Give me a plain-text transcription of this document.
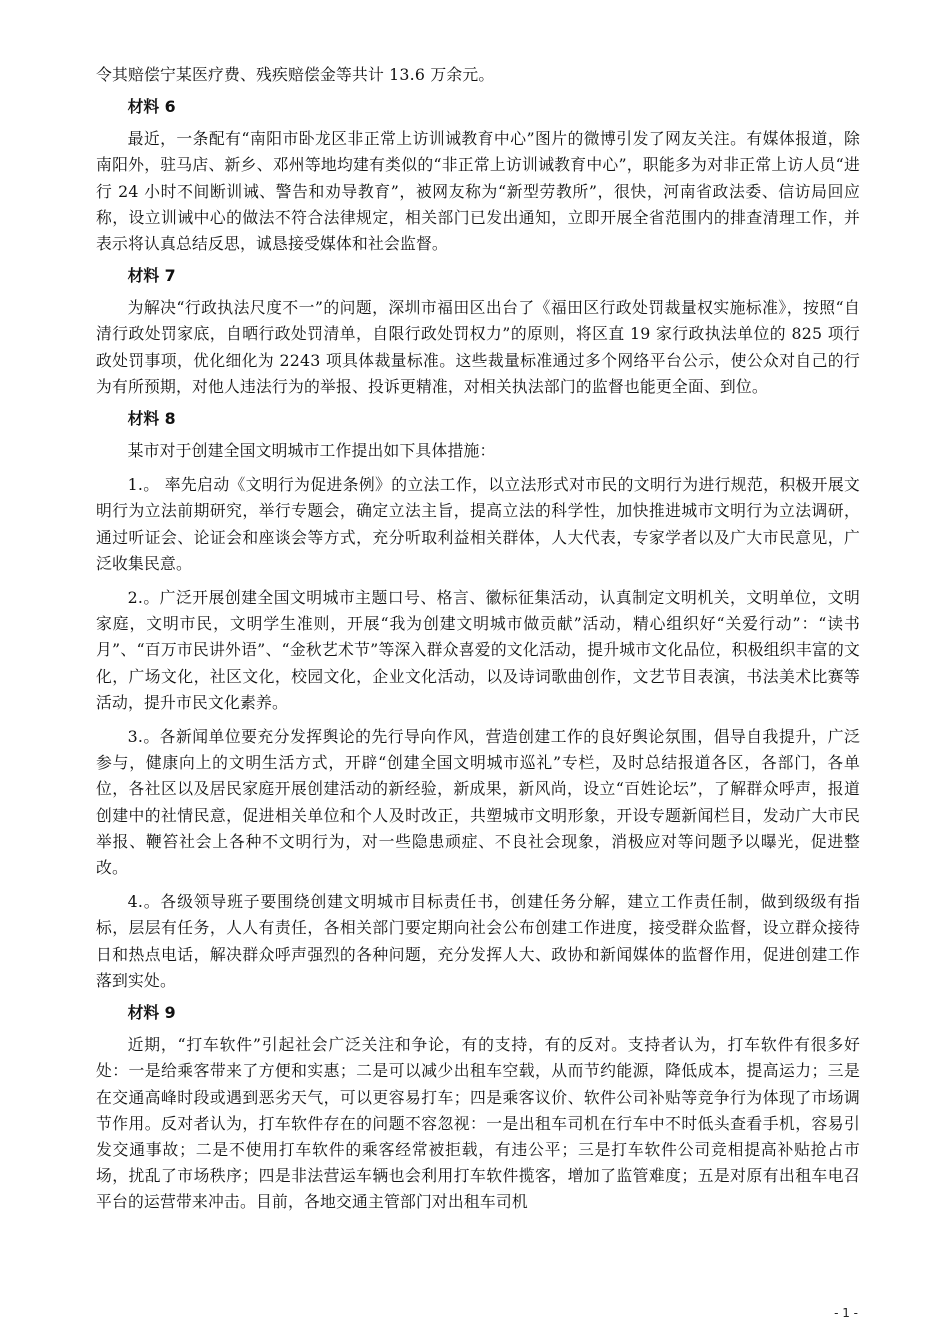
令其赔偿宁某医疗费、残疾赔偿金等共计 13.6 万余元。

材料 6

最近，一条配有“南阳市卧龙区非正常上访训诫教育中心”图片的微博引发了网友关注。有媒体报道，除南阳外，驻马店、新乡、邓州等地均建有类似的“非正常上访训诫教育中心”，职能多为对非正常上访人员“进行 24 小时不间断训诫、警告和劝导教育”，被网友称为“新型劳教所”，很快，河南省政法委、信访局回应称，设立训诫中心的做法不符合法律规定，相关部门已发出通知，立即开展全省范围内的排查清理工作，并表示将认真总结反思，诚恳接受媒体和社会监督。

材料 7

为解决“行政执法尺度不一”的问题，深圳市福田区出台了《福田区行政处罚裁量权实施标准》，按照“自清行政处罚家底，自晒行政处罚清单，自限行政处罚权力”的原则，将区直 19 家行政执法单位的 825 项行政处罚事项，优化细化为 2243 项具体裁量标准。这些裁量标准通过多个网络平台公示，使公众对自己的行为有所预期，对他人违法行为的举报、投诉更精准，对相关执法部门的监督也能更全面、到位。

材料 8

某市对于创建全国文明城市工作提出如下具体措施：

1.。 率先启动《文明行为促进条例》的立法工作，以立法形式对市民的文明行为进行规范，积极开展文明行为立法前期研究，举行专题会，确定立法主旨，提高立法的科学性，加快推进城市文明行为立法调研，通过听证会、论证会和座谈会等方式，充分听取利益相关群体，人大代表，专家学者以及广大市民意见，广泛收集民意。

2.。广泛开展创建全国文明城市主题口号、格言、徽标征集活动，认真制定文明机关，文明单位，文明家庭，文明市民，文明学生准则，开展“我为创建文明城市做贡献”活动，精心组织好“关爱行动”：“读书月”、“百万市民讲外语”、“金秋艺术节”等深入群众喜爱的文化活动，提升城市文化品位，积极组织丰富的文化，广场文化，社区文化，校园文化，企业文化活动，以及诗词歌曲创作，文艺节目表演，书法美术比赛等活动，提升市民文化素养。

3.。各新闻单位要充分发挥舆论的先行导向作风，营造创建工作的良好舆论氛围，倡导自我提升，广泛参与，健康向上的文明生活方式，开辟“创建全国文明城市巡礼”专栏，及时总结报道各区，各部门，各单位，各社区以及居民家庭开展创建活动的新经验，新成果，新风尚，设立“百姓论坛”，了解群众呼声，报道创建中的社情民意，促进相关单位和个人及时改正，共塑城市文明形象，开设专题新闻栏目，发动广大市民举报、鞭笞社会上各种不文明行为，对一些隐患顽症、不良社会现象，消极应对等问题予以曝光，促进整改。

4.。各级领导班子要围绕创建文明城市目标责任书，创建任务分解，建立工作责任制，做到级级有指标，层层有任务，人人有责任，各相关部门要定期向社会公布创建工作进度，接受群众监督，设立群众接待日和热点电话，解决群众呼声强烈的各种问题，充分发挥人大、政协和新闻媒体的监督作用，促进创建工作落到实处。

材料 9

近期，“打车软件”引起社会广泛关注和争论，有的支持，有的反对。支持者认为，打车软件有很多好处：一是给乘客带来了方便和实惠；二是可以减少出租车空载，从而节约能源，降低成本，提高运力；三是在交通高峰时段或遇到恶劣天气，可以更容易打车；四是乘客议价、软件公司补贴等竞争行为体现了市场调节作用。反对者认为，打车软件存在的问题不容忽视：一是出租车司机在行车中不时低头查看手机，容易引发交通事故；二是不使用打车软件的乘客经常被拒载，有违公平；三是打车软件公司竞相提高补贴抢占市场，扰乱了市场秩序；四是非法营运车辆也会利用打车软件揽客，增加了监管难度；五是对原有出租车电召平台的运营带来冲击。目前，各地交通主管部门对出租车司机

- 1 -
